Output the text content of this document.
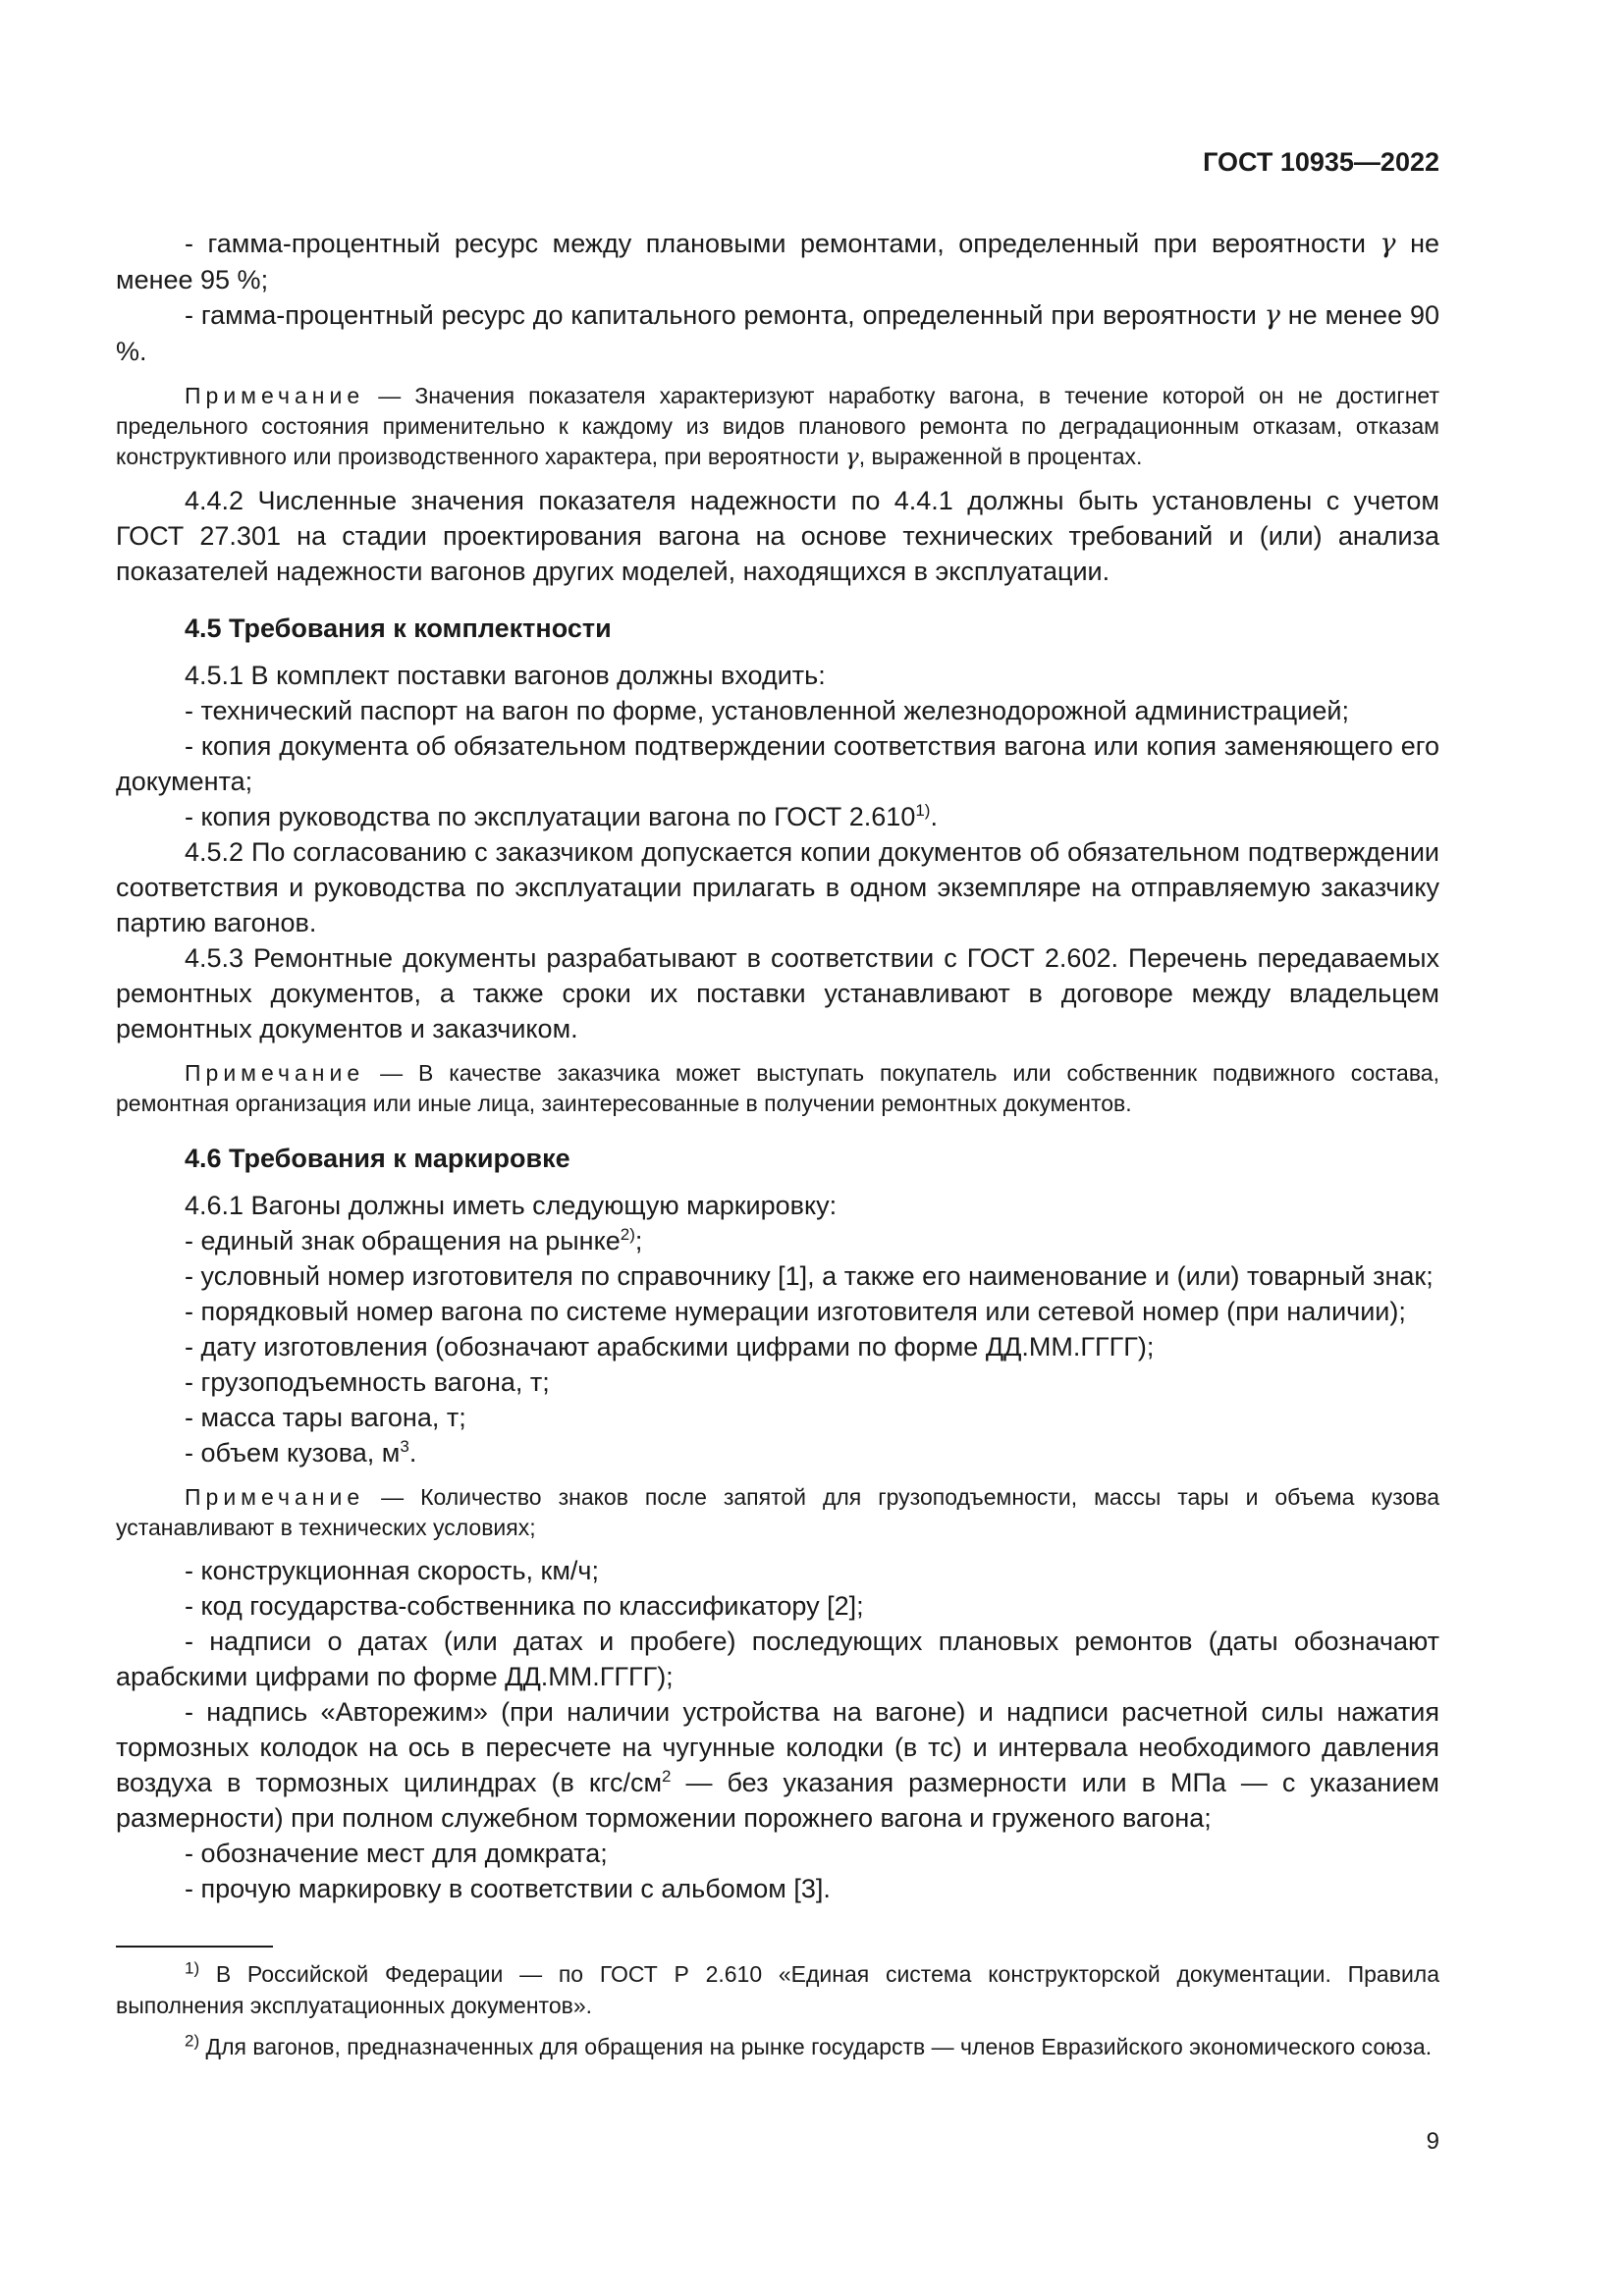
ГОСТ 10935—2022

- гамма-процентный ресурс между плановыми ремонтами, определенный при вероятности γ не менее 95 %;

- гамма-процентный ресурс до капитального ремонта, определенный при вероятности γ не менее 90 %.

Примечание — Значения показателя характеризуют наработку вагона, в течение которой он не достигнет предельного состояния применительно к каждому из видов планового ремонта по деградационным отказам, отказам конструктивного или производственного характера, при вероятности γ, выраженной в процентах.

4.4.2 Численные значения показателя надежности по 4.4.1 должны быть установлены с учетом ГОСТ 27.301 на стадии проектирования вагона на основе технических требований и (или) анализа показателей надежности вагонов других моделей, находящихся в эксплуатации.

4.5 Требования к комплектности

4.5.1 В комплект поставки вагонов должны входить:

- технический паспорт на вагон по форме, установленной железнодорожной администрацией;

- копия документа об обязательном подтверждении соответствия вагона или копия заменяющего его документа;

- копия руководства по эксплуатации вагона по ГОСТ 2.610$^{1)}$.

4.5.2 По согласованию с заказчиком допускается копии документов об обязательном подтверждении соответствия и руководства по эксплуатации прилагать в одном экземпляре на отправляемую заказчику партию вагонов.

4.5.3 Ремонтные документы разрабатывают в соответствии с ГОСТ 2.602. Перечень передаваемых ремонтных документов, а также сроки их поставки устанавливают в договоре между владельцем ремонтных документов и заказчиком.

Примечание — В качестве заказчика может выступать покупатель или собственник подвижного состава, ремонтная организация или иные лица, заинтересованные в получении ремонтных документов.

4.6 Требования к маркировке

4.6.1 Вагоны должны иметь следующую маркировку:

- единый знак обращения на рынке$^{2)}$;

- условный номер изготовителя по справочнику [1], а также его наименование и (или) товарный знак;

- порядковый номер вагона по системе нумерации изготовителя или сетевой номер (при наличии);

- дату изготовления (обозначают арабскими цифрами по форме ДД.ММ.ГГГГ);

- грузоподъемность вагона, т;

- масса тары вагона, т;

- объем кузова, $м^3$.

Примечание — Количество знаков после запятой для грузоподъемности, массы тары и объема кузова устанавливают в технических условиях;

- конструкционная скорость, км/ч;

- код государства-собственника по классификатору [2];

- надписи о датах (или датах и пробеге) последующих плановых ремонтов (даты обозначают арабскими цифрами по форме ДД.ММ.ГГГГ);

- надпись «Авторежим» (при наличии устройства на вагоне) и надписи расчетной силы нажатия тормозных колодок на ось в пересчете на чугунные колодки (в тс) и интервала необходимого давления воздуха в тормозных цилиндрах (в кгс/$см^2$ — без указания размерности или в МПа — с указанием размерности) при полном служебном торможении порожнего вагона и груженого вагона;

- обозначение мест для домкрата;

- прочую маркировку в соответствии с альбомом [3].

$^{1)}$ В Российской Федерации — по ГОСТ Р 2.610 «Единая система конструкторской документации. Правила выполнения эксплуатационных документов».

$^{2)}$ Для вагонов, предназначенных для обращения на рынке государств — членов Евразийского экономического союза.

9
